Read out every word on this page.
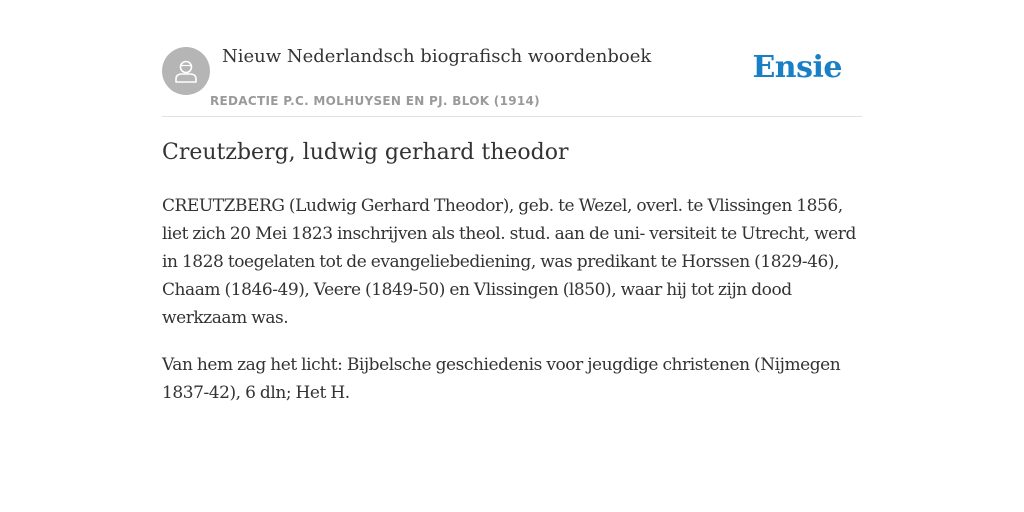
Nieuw Nederlandsch biografisch woordenboek
REDACTIE P.C. MOLHUYSEN EN PJ. BLOK (1914)
Ensie
Creutzberg, ludwig gerhard theodor

CREUTZBERG (Ludwig Gerhard Theodor), geb. te Wezel, overl. te Vlissingen 1856, liet zich 20 Mei 1823 inschrijven als theol. stud. aan de uni- versiteit te Utrecht, werd in 1828 toegelaten tot de evangeliebediening, was predikant te Horssen (1829-46), Chaam (1846-49), Veere (1849-50) en Vlissingen (l850), waar hij tot zijn dood werkzaam was.

Van hem zag het licht: Bijbelsche geschiedenis voor jeugdige christenen (Nijmegen 1837-42), 6 dln; Het H.
